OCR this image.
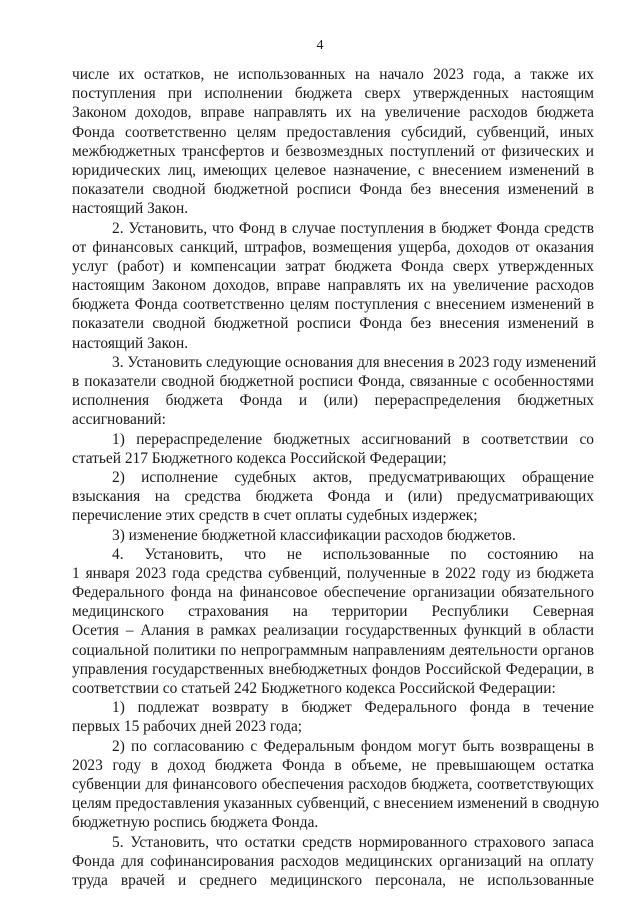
4
числе их остатков, не использованных на начало 2023 года, а также их
поступления при исполнении бюджета сверх утвержденных настоящим
Законом доходов, вправе направлять их на увеличение расходов бюджета
Фонда соответственно целям предоставления субсидий, субвенций, иных
межбюджетных трансфертов и безвозмездных поступлений от физических и
юридических лиц, имеющих целевое назначение, с внесением изменений в
показатели сводной бюджетной росписи Фонда без внесения изменений в
настоящий Закон.
2. Установить, что Фонд в случае поступления в бюджет Фонда средств
от финансовых санкций, штрафов, возмещения ущерба, доходов от оказания
услуг (работ) и компенсации затрат бюджета Фонда сверх утвержденных
настоящим Законом доходов, вправе направлять их на увеличение расходов
бюджета Фонда соответственно целям поступления с внесением изменений в
показатели сводной бюджетной росписи Фонда без внесения изменений в
настоящий Закон.
3. Установить следующие основания для внесения в 2023 году изменений
в показатели сводной бюджетной росписи Фонда, связанные с особенностями
исполнения бюджета Фонда и (или) перераспределения бюджетных
ассигнований:
1) перераспределение бюджетных ассигнований в соответствии со
статьей 217 Бюджетного кодекса Российской Федерации;
2) исполнение судебных актов, предусматривающих обращение
взыскания на средства бюджета Фонда и (или) предусматривающих
перечисление этих средств в счет оплаты судебных издержек;
3) изменение бюджетной классификации расходов бюджетов.
4. Установить, что не использованные по состоянию на
1 января 2023 года средства субвенций, полученные в 2022 году из бюджета
Федерального фонда на финансовое обеспечение организации обязательного
медицинского страхования на территории Республики Северная
Осетия – Алания в рамках реализации государственных функций в области
социальной политики по непрограммным направлениям деятельности органов
управления государственных внебюджетных фондов Российской Федерации, в
соответствии со статьей 242 Бюджетного кодекса Российской Федерации:
1) подлежат возврату в бюджет Федерального фонда в течение
первых 15 рабочих дней 2023 года;
2) по согласованию с Федеральным фондом могут быть возвращены в
2023 году в доход бюджета Фонда в объеме, не превышающем остатка
субвенции для финансового обеспечения расходов бюджета, соответствующих
целям предоставления указанных субвенций, с внесением изменений в сводную
бюджетную роспись бюджета Фонда.
5. Установить, что остатки средств нормированного страхового запаса
Фонда для софинансирования расходов медицинских организаций на оплату
труда врачей и среднего медицинского персонала, не использованные
